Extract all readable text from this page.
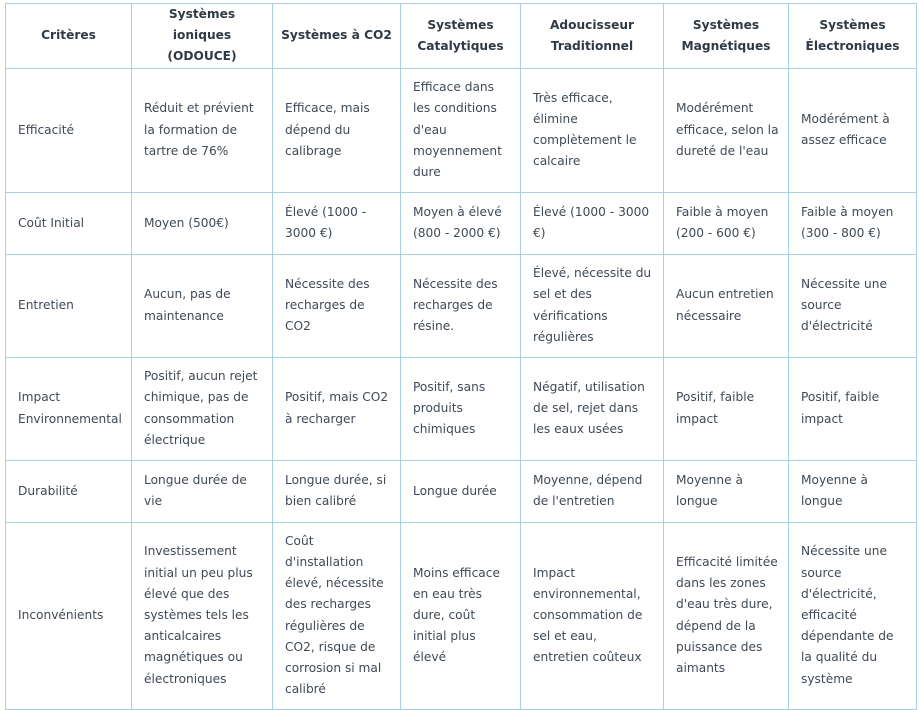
Critères	Systèmes ioniques (ODOUCE)	Systèmes à CO2	Systèmes Catalytiques	Adoucisseur Traditionnel	Systèmes Magnétiques	Systèmes Électroniques
Efficacité	Réduit et prévient la formation de tartre de 76%	Efficace, mais dépend du calibrage	Efficace dans les conditions d'eau moyennement dure	Très efficace, élimine complètement le calcaire	Modérément efficace, selon la dureté de l'eau	Modérément à assez efficace
Coût Initial	Moyen (500€)	Élevé (1000 - 3000 €)	Moyen à élevé (800 - 2000 €)	Élevé (1000 - 3000 €)	Faible à moyen (200 - 600 €)	Faible à moyen (300 - 800 €)
Entretien	Aucun, pas de maintenance	Nécessite des recharges de CO2	Nécessite des recharges de résine.	Élevé, nécessite du sel et des vérifications régulières	Aucun entretien nécessaire	Nécessite une source d'électricité
Impact Environnemental	Positif, aucun rejet chimique, pas de consommation électrique	Positif, mais CO2 à recharger	Positif, sans produits chimiques	Négatif, utilisation de sel, rejet dans les eaux usées	Positif, faible impact	Positif, faible impact
Durabilité	Longue durée de vie	Longue durée, si bien calibré	Longue durée	Moyenne, dépend de l'entretien	Moyenne à longue	Moyenne à longue
Inconvénients	Investissement initial un peu plus élevé que des systèmes tels les anticalcaires magnétiques ou électroniques	Coût d'installation élevé, nécessite des recharges régulières de CO2, risque de corrosion si mal calibré	Moins efficace en eau très dure, coût initial plus élevé	Impact environnemental, consommation de sel et eau, entretien coûteux	Efficacité limitée dans les zones d'eau très dure, dépend de la puissance des aimants	Nécessite une source d'électricité, efficacité dépendante de la qualité du système
